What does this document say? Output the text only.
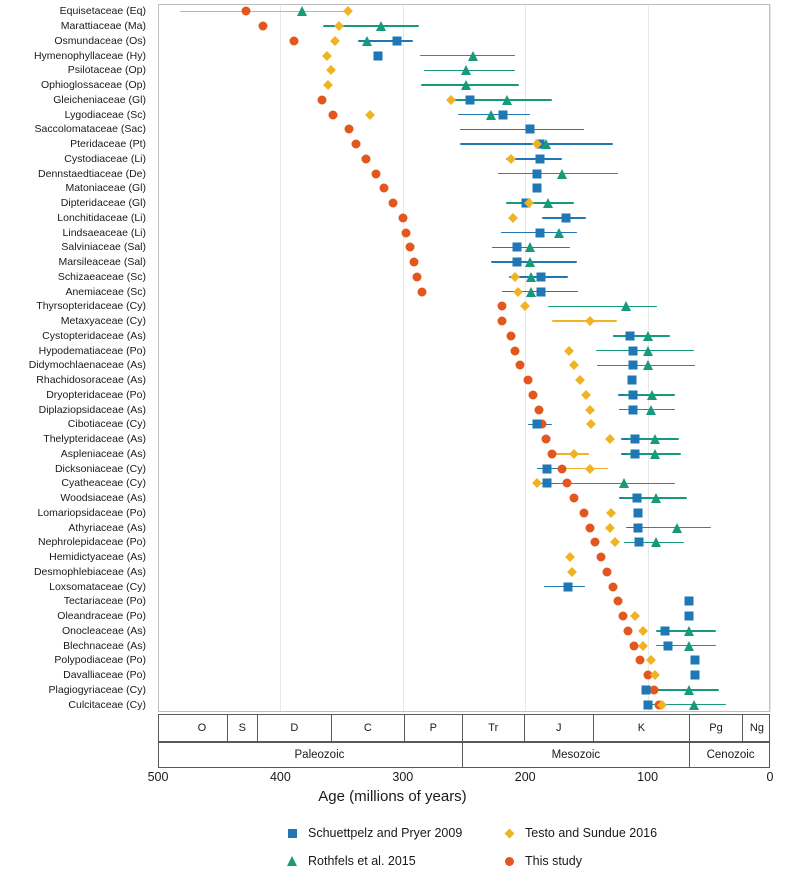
Equisetaceae (Eq)
Marattiaceae (Ma)
Osmundaceae (Os)
Hymenophyllaceae (Hy)
Psilotaceae (Op)
Ophioglossaceae (Op)
Gleicheniaceae (Gl)
Lygodiaceae (Sc)
Saccolomataceae (Sac)
Pteridaceae (Pt)
Cystodiaceae (Li)
Dennstaedtiaceae (De)
Matoniaceae (Gl)
Dipteridaceae (Gl)
Lonchitidaceae (Li)
Lindsaeaceae (Li)
Salviniaceae (Sal)
Marsileaceae (Sal)
Schizaeaceae (Sc)
Anemiaceae (Sc)
Thyrsopteridaceae (Cy)
Metaxyaceae (Cy)
Cystopteridaceae (As)
Hypodematiaceae (Po)
Didymochlaenaceae (As)
Rhachidosoraceae (As)
Dryopteridaceae (Po)
Diplaziopsidaceae (As)
Cibotiaceae (Cy)
Thelypteridaceae (As)
Aspleniaceae (As)
Dicksoniaceae (Cy)
Cyatheaceae (Cy)
Woodsiaceae (As)
Lomariopsidaceae (Po)
Athyriaceae (As)
Nephrolepidaceae (Po)
Hemidictyaceae (As)
Desmophlebiaceae (As)
Loxsomataceae (Cy)
Tectariaceae (Po)
Oleandraceae (Po)
Onocleaceae (As)
Blechnaceae (As)
Polypodiaceae (Po)
Davalliaceae (Po)
Plagiogyriaceae (Cy)
Culcitaceae (Cy)
O	S	D	C	P	Tr	J	K	Pg	Ng
Paleozoic	Mesozoic	Cenozoic
500	400	300	200	100	0
Age (millions of years)
Schuettpelz and Pryer 2009	Testo and Sundue 2016
Rothfels et al. 2015	This study
